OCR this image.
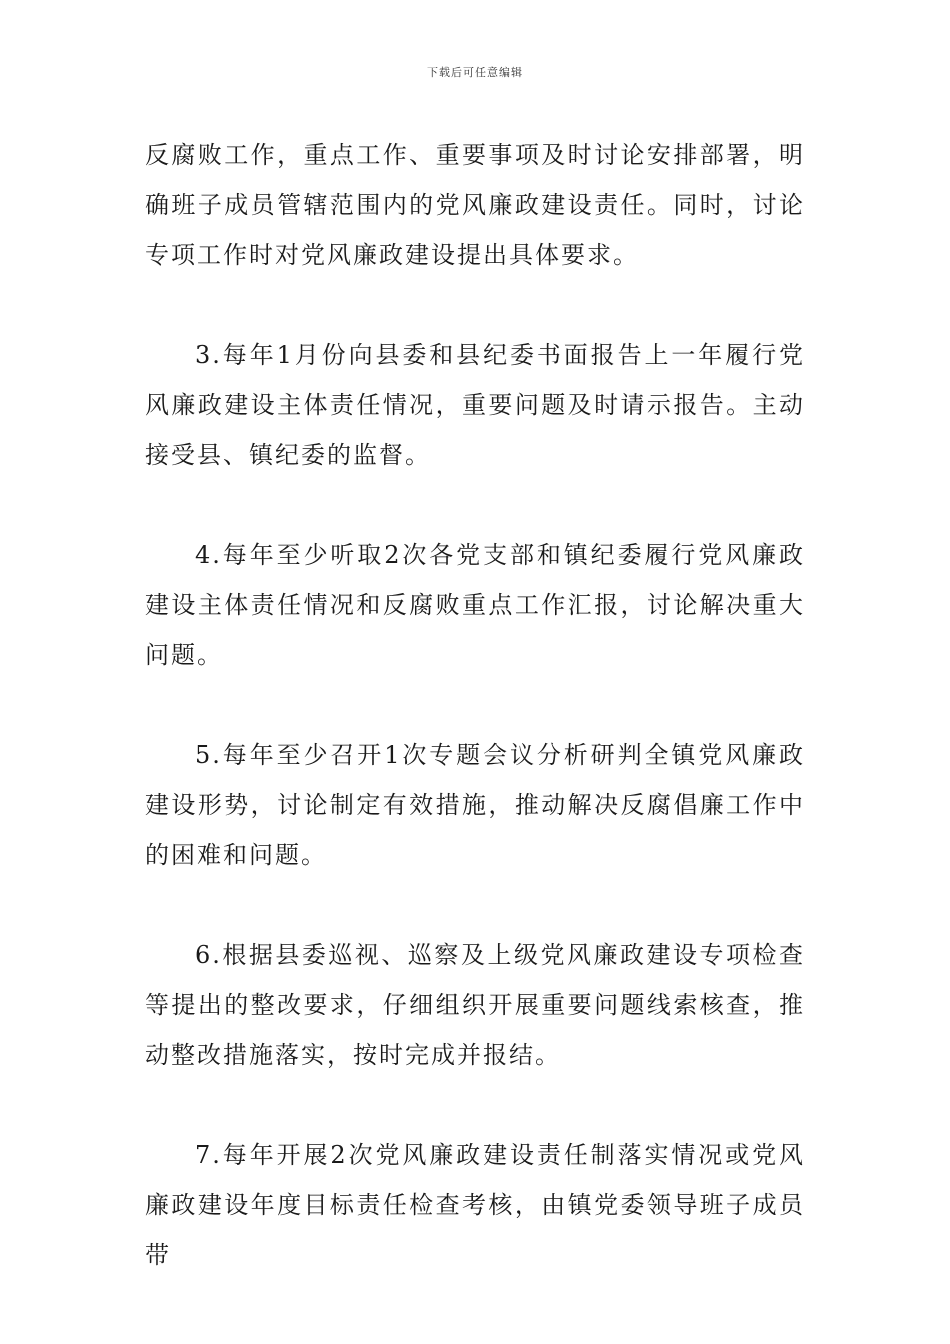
下载后可任意编辑

反腐败工作，重点工作、重要事项及时讨论安排部署，明确班子成员管辖范围内的党风廉政建设责任。同时，讨论专项工作时对党风廉政建设提出具体要求。

3.每年1月份向县委和县纪委书面报告上一年履行党风廉政建设主体责任情况，重要问题及时请示报告。主动接受县、镇纪委的监督。

4.每年至少听取2次各党支部和镇纪委履行党风廉政建设主体责任情况和反腐败重点工作汇报，讨论解决重大问题。

5.每年至少召开1次专题会议分析研判全镇党风廉政建设形势，讨论制定有效措施，推动解决反腐倡廉工作中的困难和问题。

6.根据县委巡视、巡察及上级党风廉政建设专项检查等提出的整改要求，仔细组织开展重要问题线索核查，推动整改措施落实，按时完成并报结。

7.每年开展2次党风廉政建设责任制落实情况或党风廉政建设年度目标责任检查考核，由镇党委领导班子成员带
